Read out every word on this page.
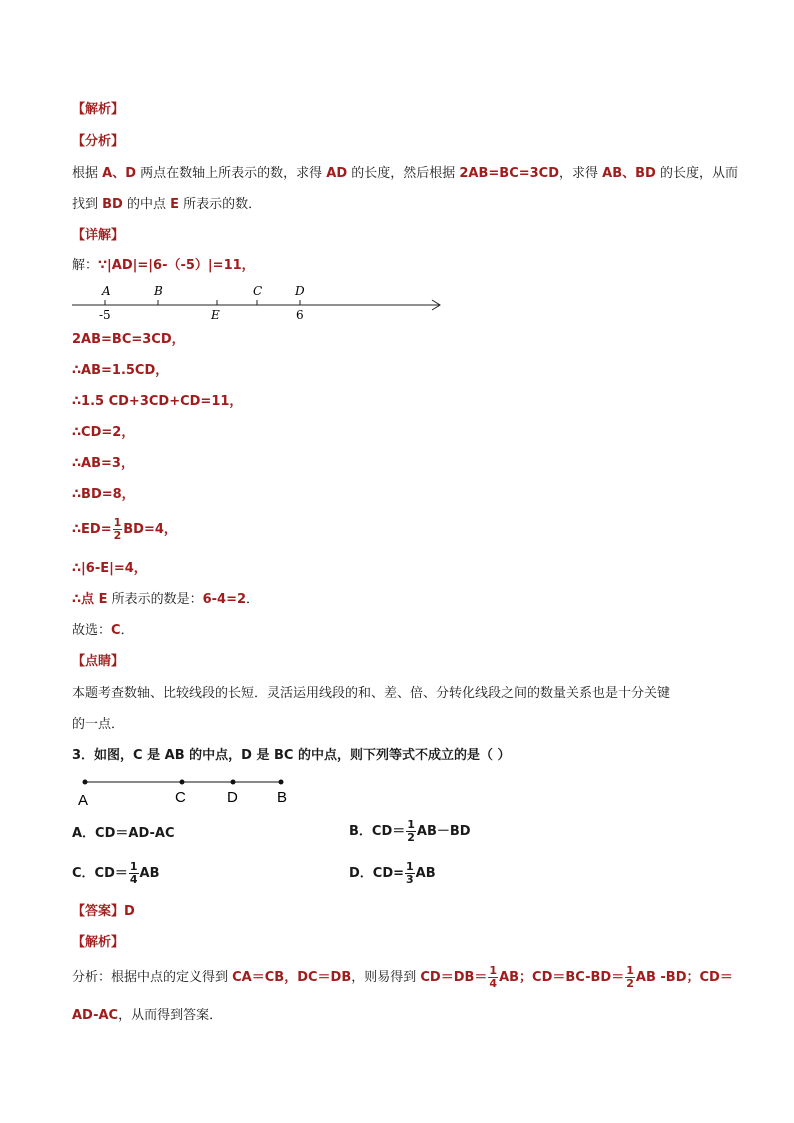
【解析】
【分析】
根据 A、D 两点在数轴上所表示的数，求得 AD 的长度，然后根据 2AB=BC=3CD，求得 AB、BD 的长度，从而
找到 BD 的中点 E 所表示的数．
【详解】
解：∵|AD|=|6-（-5）|=11，
A	B
E
C	D
-5	6
2AB=BC=3CD，
∴AB=1.5CD，
∴1.5 CD+3CD+CD=11，
∴CD=2，
∴AB=3，
∴BD=8，
∴ED= $\frac{1}{2} BD=4$，
∴|6-E|=4，
∴点 E 所表示的数是：6-4=2．
故选：C．
【点睛】
本题考查数轴、比较线段的长短．灵活运用线段的和、差、倍、分转化线段之间的数量关系也是十分关键
的一点．
3．如图，C 是 AB 的中点，D 是 BC 的中点，则下列等式不成立的是（ ）
A	C	D	B
A．CD＝AD-AC	B．$CD= \frac{1}{2} AB-BD$
C．$CD= \frac{1}{4}$ AB	D．$CD= \frac{1}{3}$ AB
【答案】D
【解析】
分析：根据中点的定义得到 CA＝CB，DC＝DB，则易得到 $CD=DB= \frac{1}{4}$ AB；$CD=BC-BD= \frac{1}{2}$ AB -BD；CD＝
AD-AC，从而得到答案．
